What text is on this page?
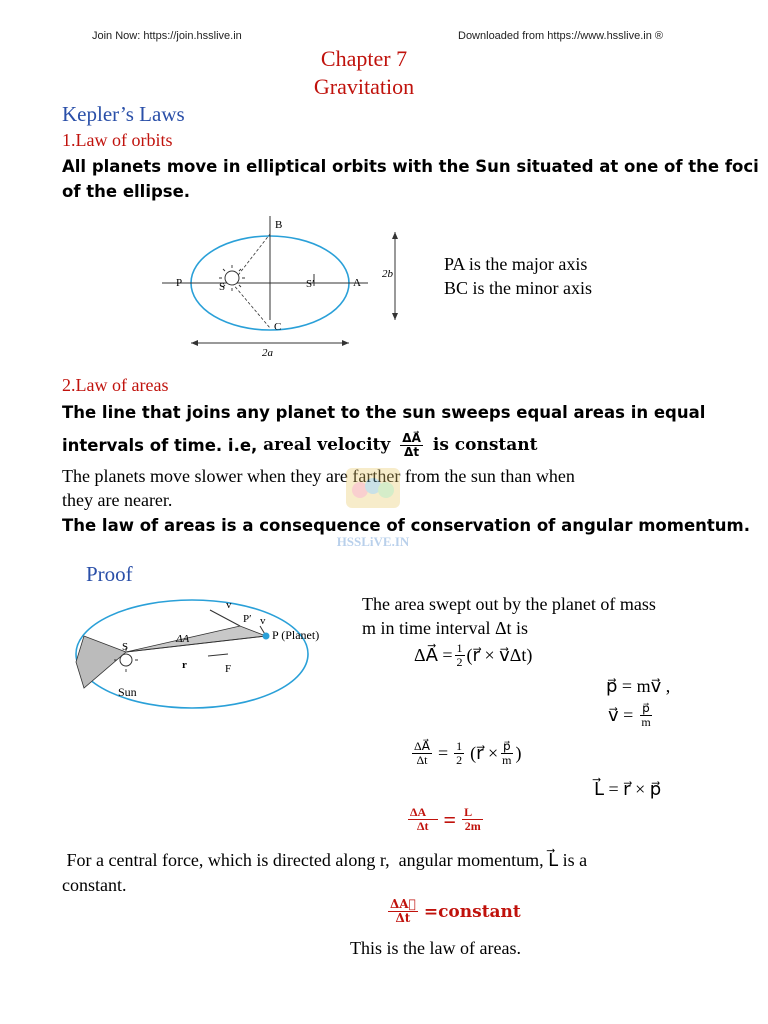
Join Now: https://join.hsslive.in	Downloaded from https://www.hsslive.in ®
Chapter 7
Gravitation
Kepler’s Laws
1.Law of orbits
All planets move in elliptical orbits with the Sun situated at one of the foci
of the ellipse.
B
C
P	A
S	S′
2a
2b	PA is the major axis
BC is the minor axis
2.Law of areas
The line that joins any planet to the sun sweeps equal areas in equal
intervals of time. i.e, areal velocity $\frac{\Delta A⃗}{\Delta t}$ is constant
The planets move slower when they are farther from the sun than when
they are nearer.
The law of areas is a consequence of conservation of angular momentum.
HSSLiVE.IN
Proof
v
P′ v
P (Planet)
S
ΔA
r	F
Sun
The area swept out by the planet of mass
m in time interval Δt is
ΔA⃗ = $\frac{1}{2}$ (r⃗ × v⃗Δt)
p⃗ = mv⃗ ,
v⃗ = $\frac{p⃗}{m}$
$\frac{\Delta A⃗}{\Delta t} = \frac{1}{2}$ (r⃗ × $\frac{p⃗}{m}$ )
L⃗ = r⃗ × p⃗
$\frac{\Delta A⃗}{\Delta t} = \frac{L⃗}{2m}$
For a central force, which is directed along r,  angular momentum, L⃗ is a
constant.
$\frac{\Delta A⃗}{\Delta t}$ =constant
This is the law of areas.
